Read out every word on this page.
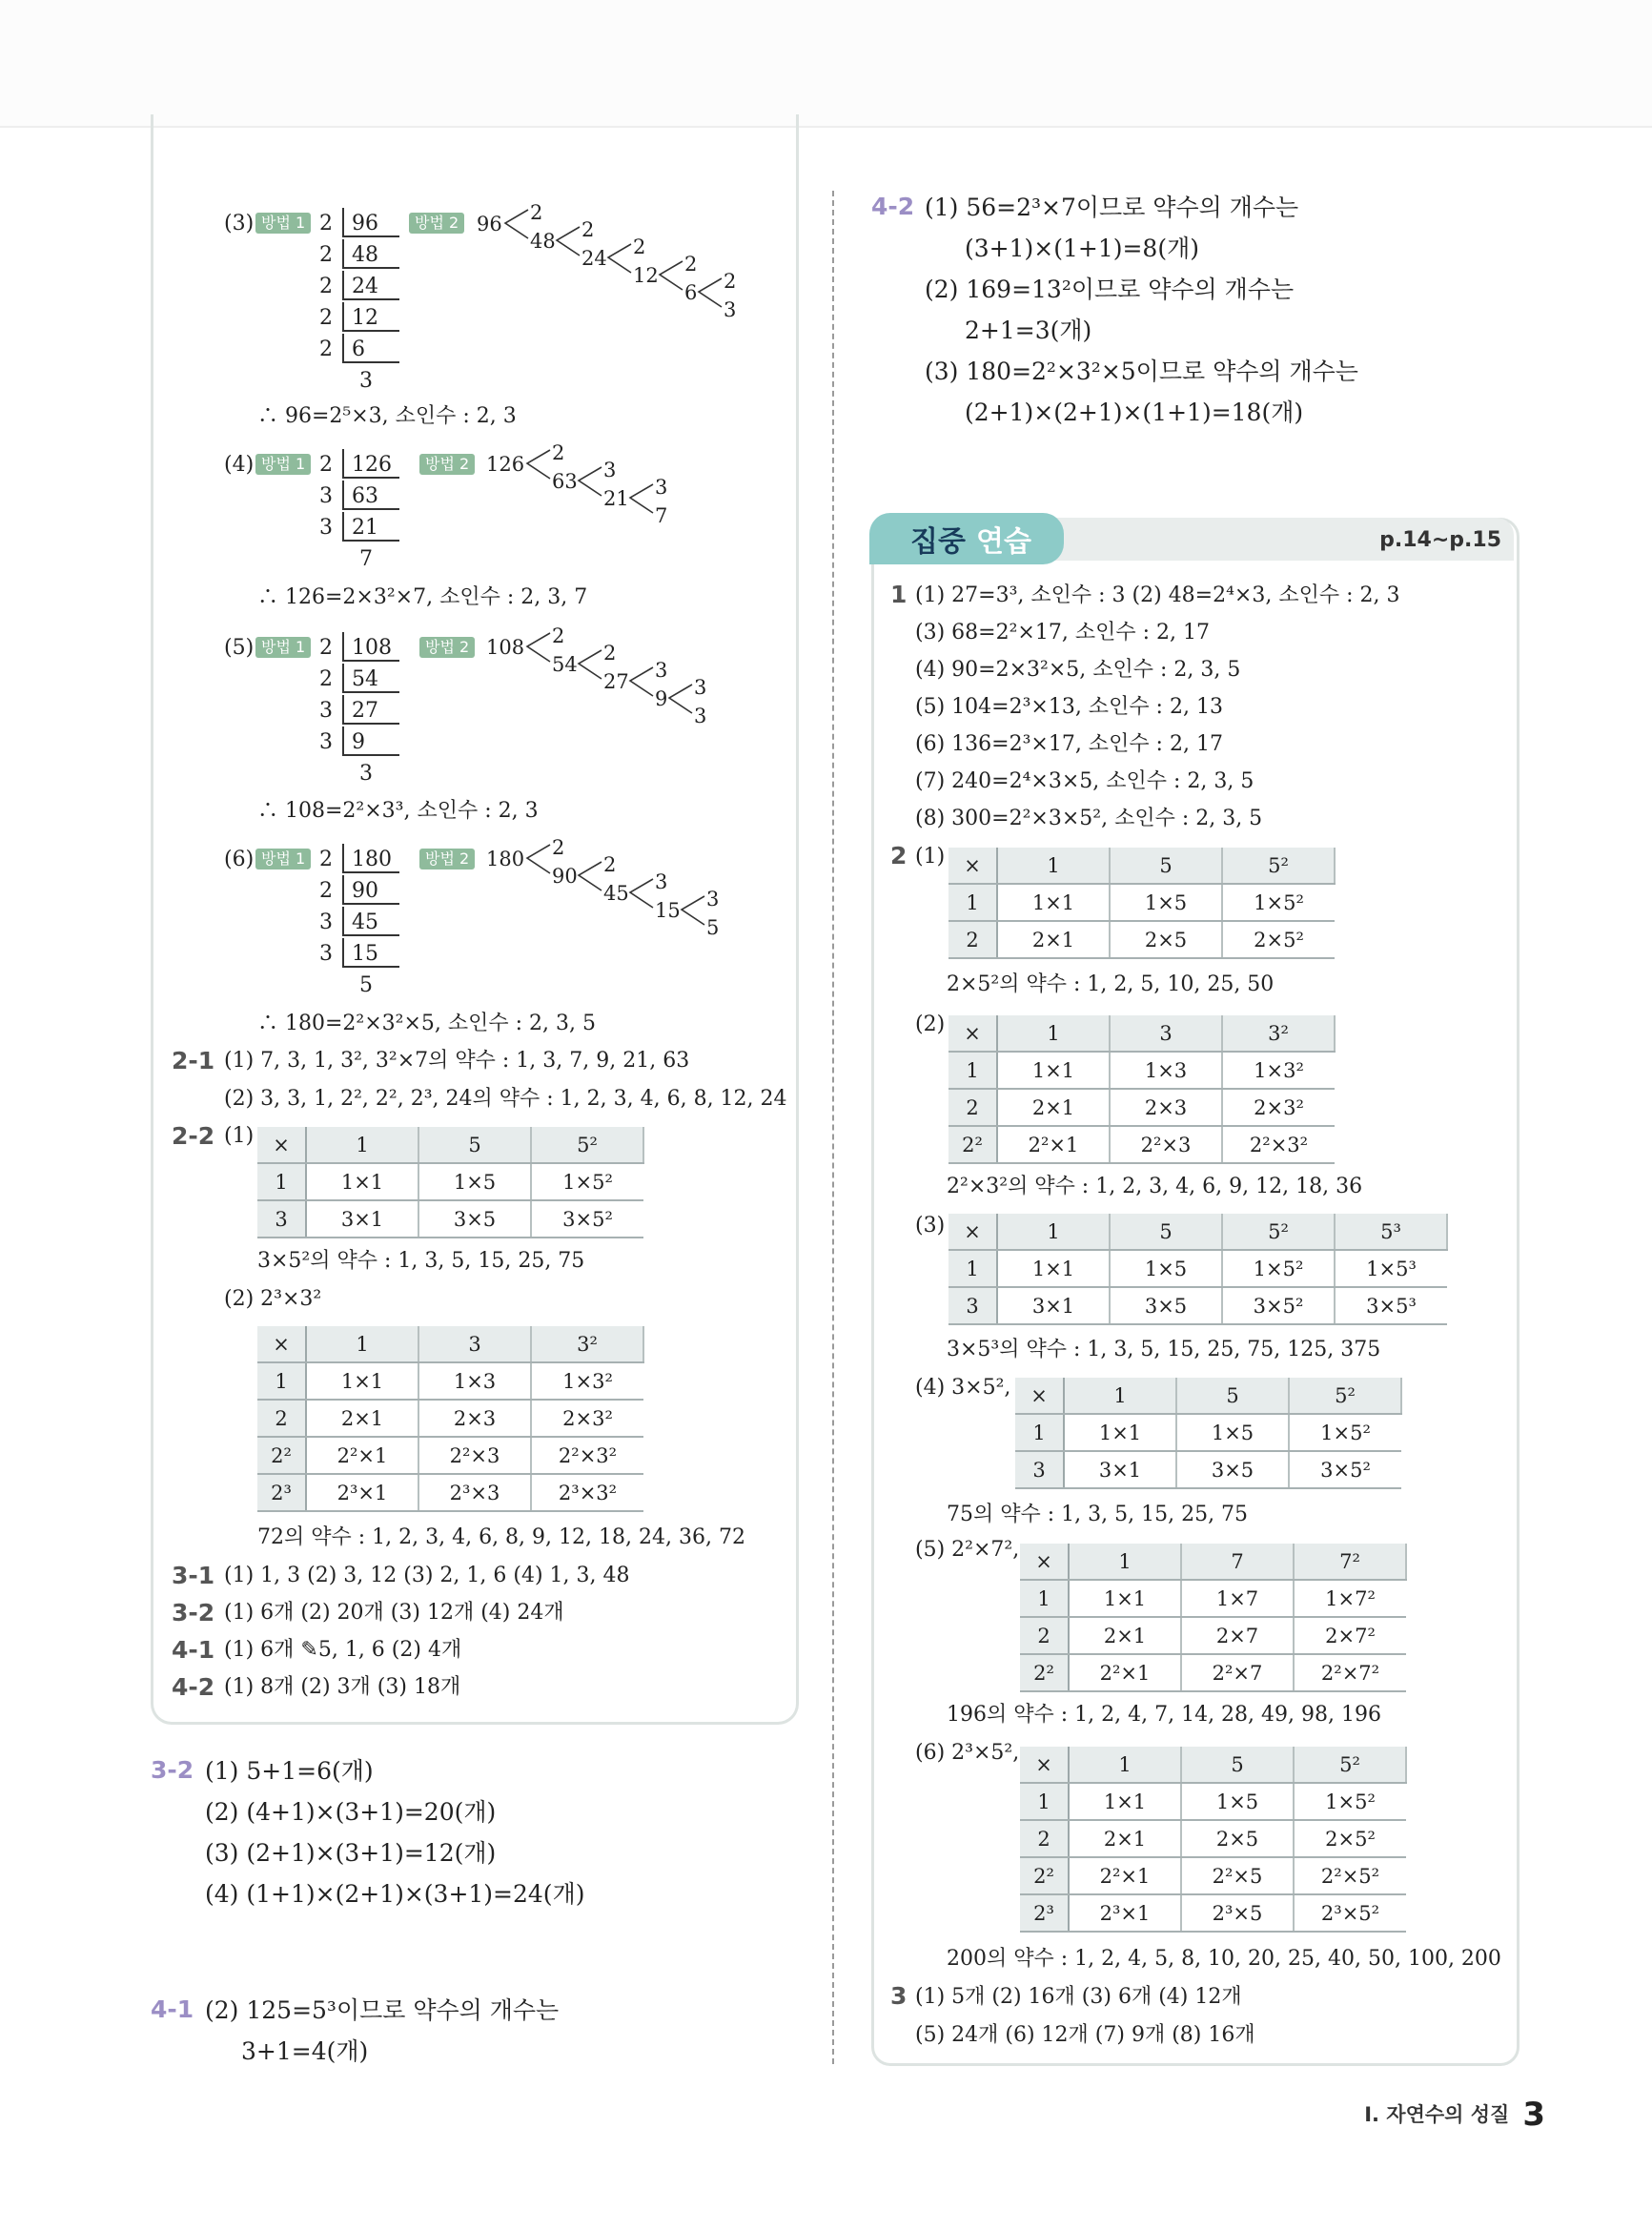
(3) 방법 1 2 96
2 48
2 24
2 12
2 6
3
방법 2 96 2
48 2
24 2
12 2
6 2
3
∴ 96=2⁵×3, 소인수 : 2, 3
(4) 방법 1 2 126
3 63
3 21
7
방법 2 126 2
63 3
21 3
7
∴ 126=2×3²×7, 소인수 : 2, 3, 7
(5) 방법 1 2 108
2 54
3 27
3 9
3
방법 2 108 2
54 2
27 3
9 3
3
∴ 108=2²×3³, 소인수 : 2, 3
(6) 방법 1 2 180
2 90
3 45
3 15
5
방법 2 180 2
90 2
45 3
15 3
5
∴ 180=2²×3²×5, 소인수 : 2, 3, 5
2-1 (1) 7, 3, 1, 3², 3²×7의 약수 : 1, 3, 7, 9, 21, 63
(2) 3, 3, 1, 2², 2², 2³, 24의 약수 : 1, 2, 3, 4, 6, 8, 12, 24
2-2 (1) ×	1	5	5²
1	1×1	1×5	1×5²
3	3×1	3×5	3×5²
3×5²의 약수 : 1, 3, 5, 15, 25, 75
(2) 2³×3²
×	1	3	3²
1	1×1	1×3	1×3²
2	2×1	2×3	2×3²
2²	2²×1	2²×3	2²×3²
2³	2³×1	2³×3	2³×3²
72의 약수 : 1, 2, 3, 4, 6, 8, 9, 12, 18, 24, 36, 72
3-1 (1) 1, 3 (2) 3, 12 (3) 2, 1, 6 (4) 1, 3, 48
3-2 (1) 6개 (2) 20개 (3) 12개 (4) 24개
4-1 (1) 6개 ✎5, 1, 6 (2) 4개
4-2 (1) 8개 (2) 3개 (3) 18개
3-2 (1) 5+1=6(개)
(2) (4+1)×(3+1)=20(개)
(3) (2+1)×(3+1)=12(개)
(4) (1+1)×(2+1)×(3+1)=24(개)
4-1 (2) 125=5³이므로 약수의 개수는
3+1=4(개)
4-2 (1) 56=2³×7이므로 약수의 개수는
(3+1)×(1+1)=8(개)
(2) 169=13²이므로 약수의 개수는
2+1=3(개)
(3) 180=2²×3²×5이므로 약수의 개수는
(2+1)×(2+1)×(1+1)=18(개)
집중 연습	p.14~p.15
1 (1) 27=3³, 소인수 : 3 (2) 48=2⁴×3, 소인수 : 2, 3
(3) 68=2²×17, 소인수 : 2, 17
(4) 90=2×3²×5, 소인수 : 2, 3, 5
(5) 104=2³×13, 소인수 : 2, 13
(6) 136=2³×17, 소인수 : 2, 17
(7) 240=2⁴×3×5, 소인수 : 2, 3, 5
(8) 300=2²×3×5², 소인수 : 2, 3, 5
2 (1) ×	1	5	5²
1	1×1	1×5	1×5²
2	2×1	2×5	2×5²
2×5²의 약수 : 1, 2, 5, 10, 25, 50
(2) ×	1	3	3²
1	1×1	1×3	1×3²
2	2×1	2×3	2×3²
2²	2²×1	2²×3	2²×3²
2²×3²의 약수 : 1, 2, 3, 4, 6, 9, 12, 18, 36
(3) ×	1	5	5²	5³
1	1×1	1×5	1×5²	1×5³
3	3×1	3×5	3×5²	3×5³
3×5³의 약수 : 1, 3, 5, 15, 25, 75, 125, 375
(4) 3×5², ×	1	5	5²
1	1×1	1×5	1×5²
3	3×1	3×5	3×5²
75의 약수 : 1, 3, 5, 15, 25, 75
(5) 2²×7², ×	1	7	7²
1	1×1	1×7	1×7²
2	2×1	2×7	2×7²
2²	2²×1	2²×7	2²×7²
196의 약수 : 1, 2, 4, 7, 14, 28, 49, 98, 196
(6) 2³×5², ×	1	5	5²
1	1×1	1×5	1×5²
2	2×1	2×5	2×5²
2²	2²×1	2²×5	2²×5²
2³	2³×1	2³×5	2³×5²
200의 약수 : 1, 2, 4, 5, 8, 10, 20, 25, 40, 50, 100, 200
3 (1) 5개 (2) 16개 (3) 6개 (4) 12개
(5) 24개 (6) 12개 (7) 9개 (8) 16개
I. 자연수의 성질 3
